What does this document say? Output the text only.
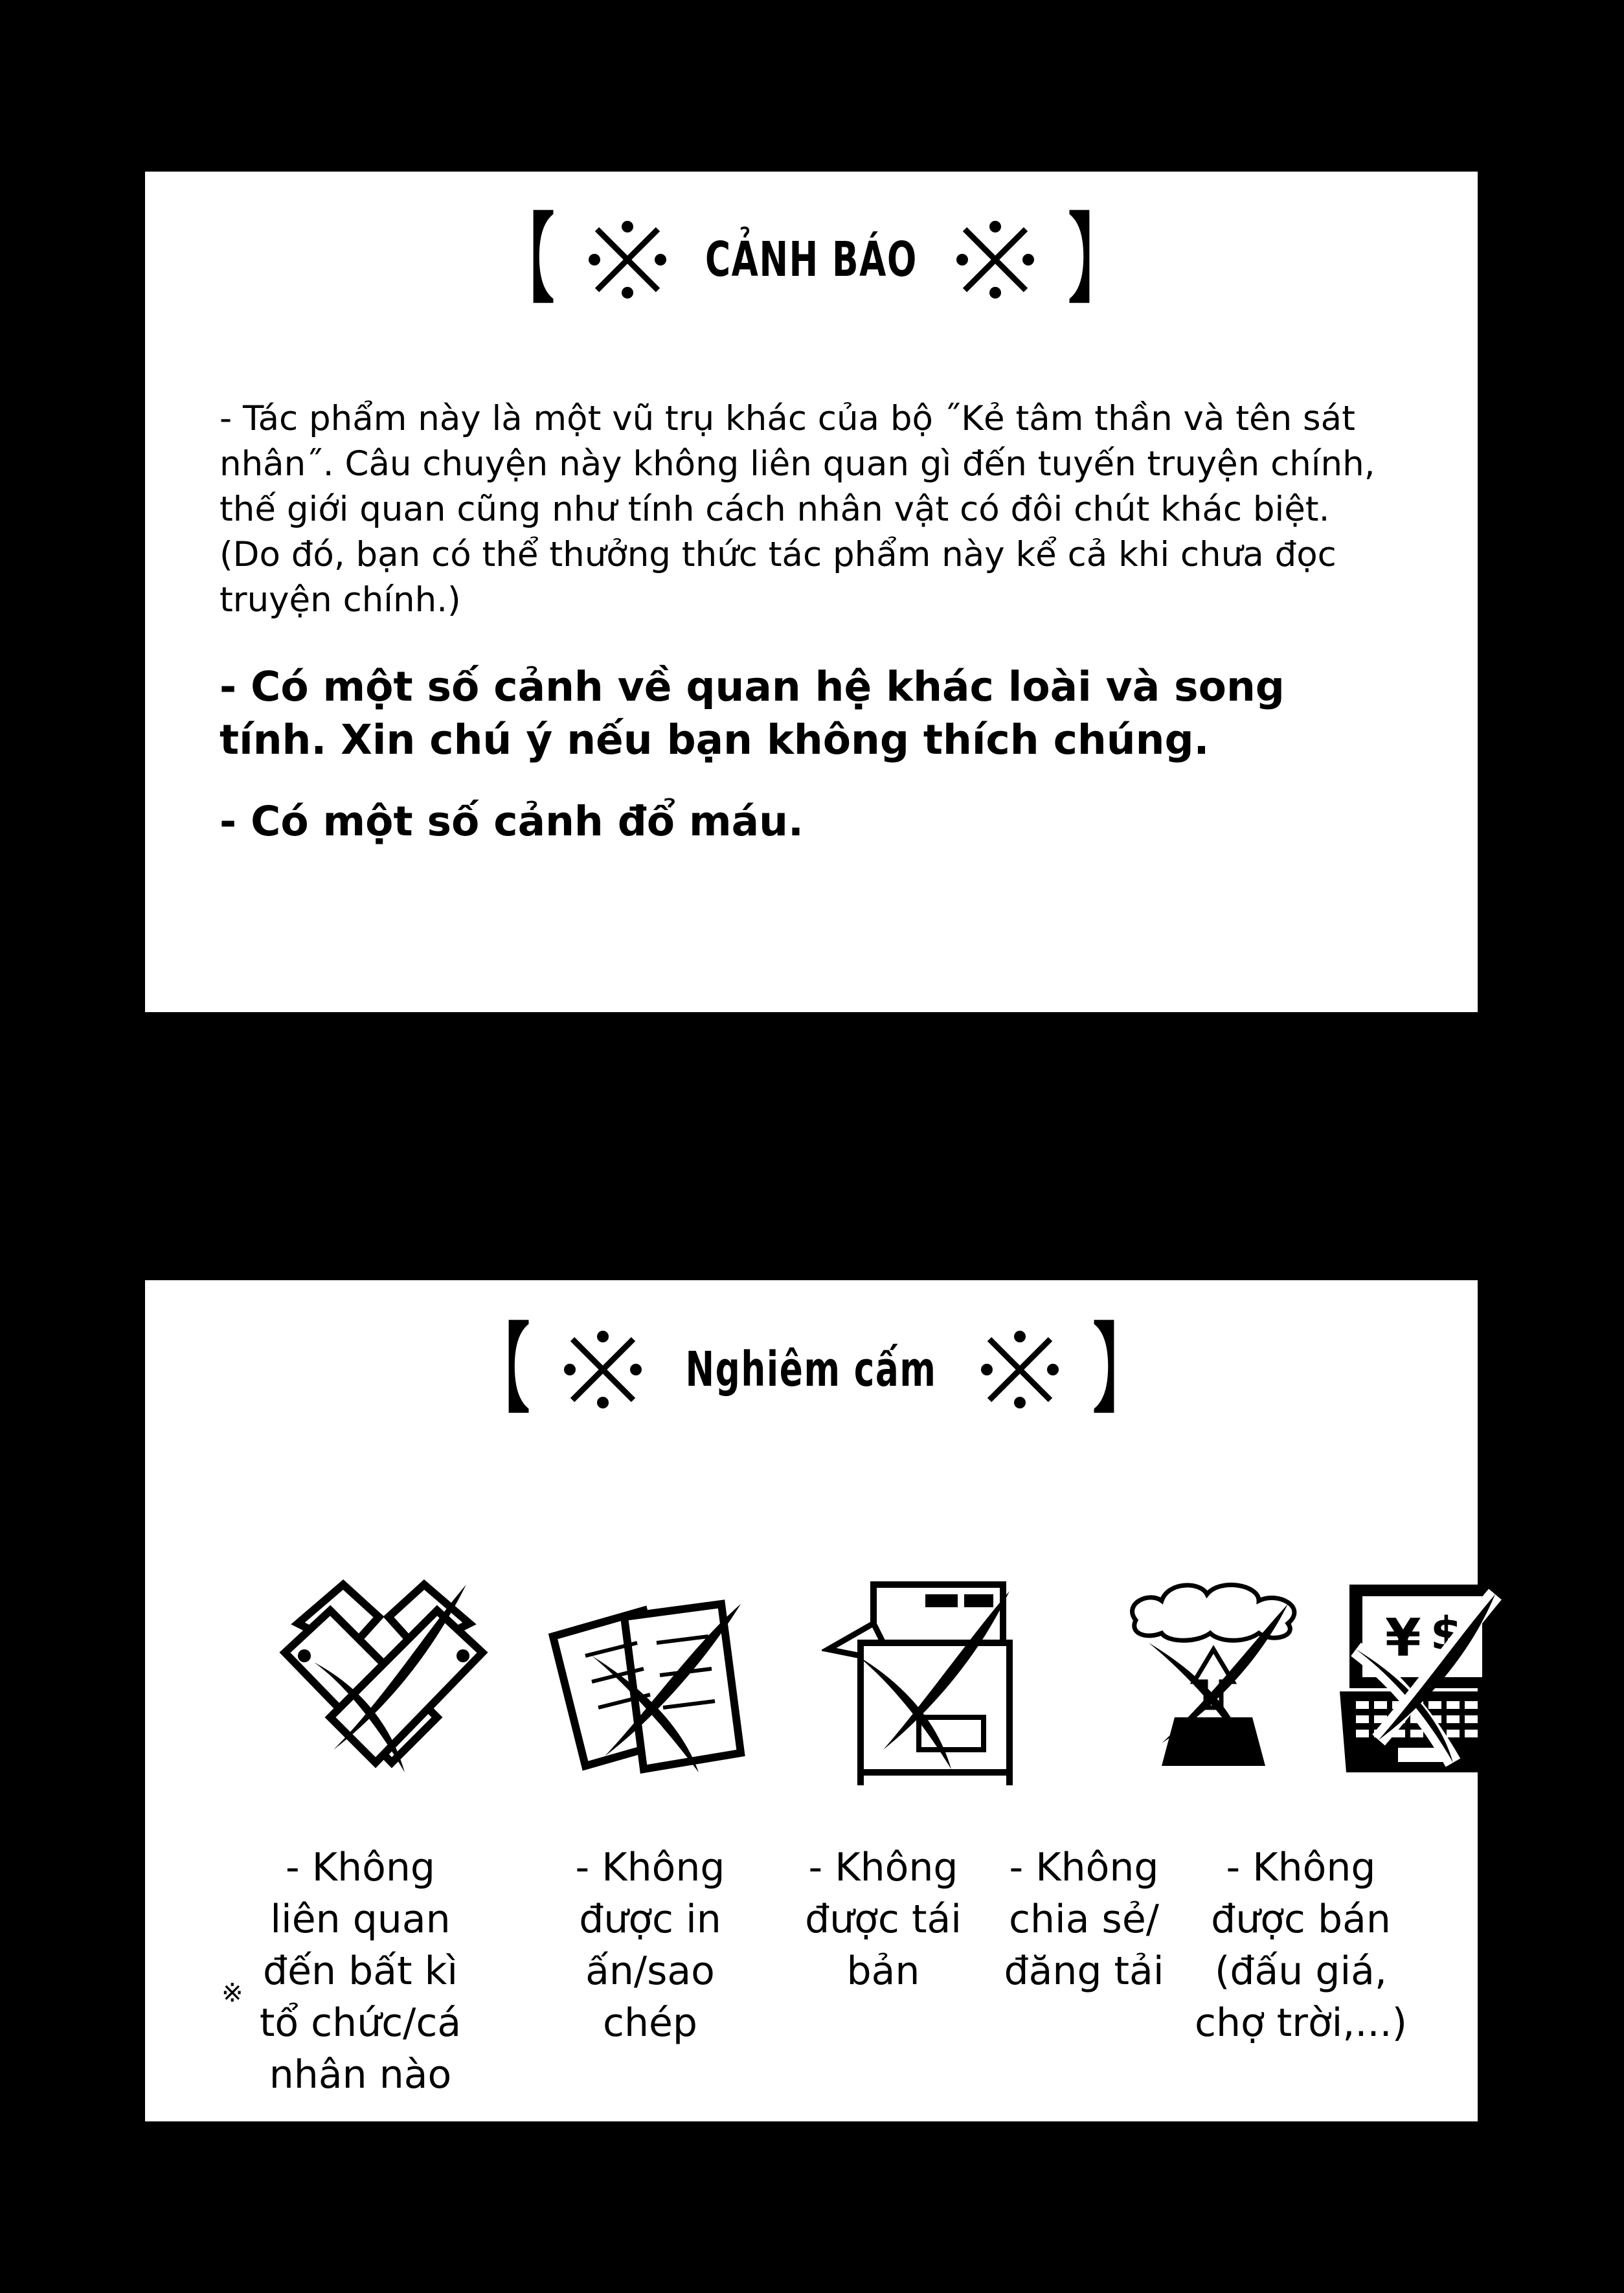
【	CẢNH BÁO 】
- Tác phẩm này là một vũ trụ khác của bộ ˝Kẻ tâm thần và tên sát nhân˝. Câu chuyện này không liên quan gì đến tuyến truyện chính, thế giới quan cũng như tính cách nhân vật có đôi chút khác biệt. (Do đó, bạn có thể thưởng thức tác phẩm này kể cả khi chưa đọc truyện chính.)
- Có một số cảnh về quan hệ khác loài và song tính. Xin chú ý nếu bạn không thích chúng.
- Có một số cảnh đổ máu.
【	Nghiêm cấm 】
¥ $
- Không liên quan đến bất kì tổ chức/cá nhân nào
- Không được in ấn/sao chép
- Không được tái bản
- Không chia sẻ/đăng tải
- Không được bán (đấu giá, chợ trời,...)
※
